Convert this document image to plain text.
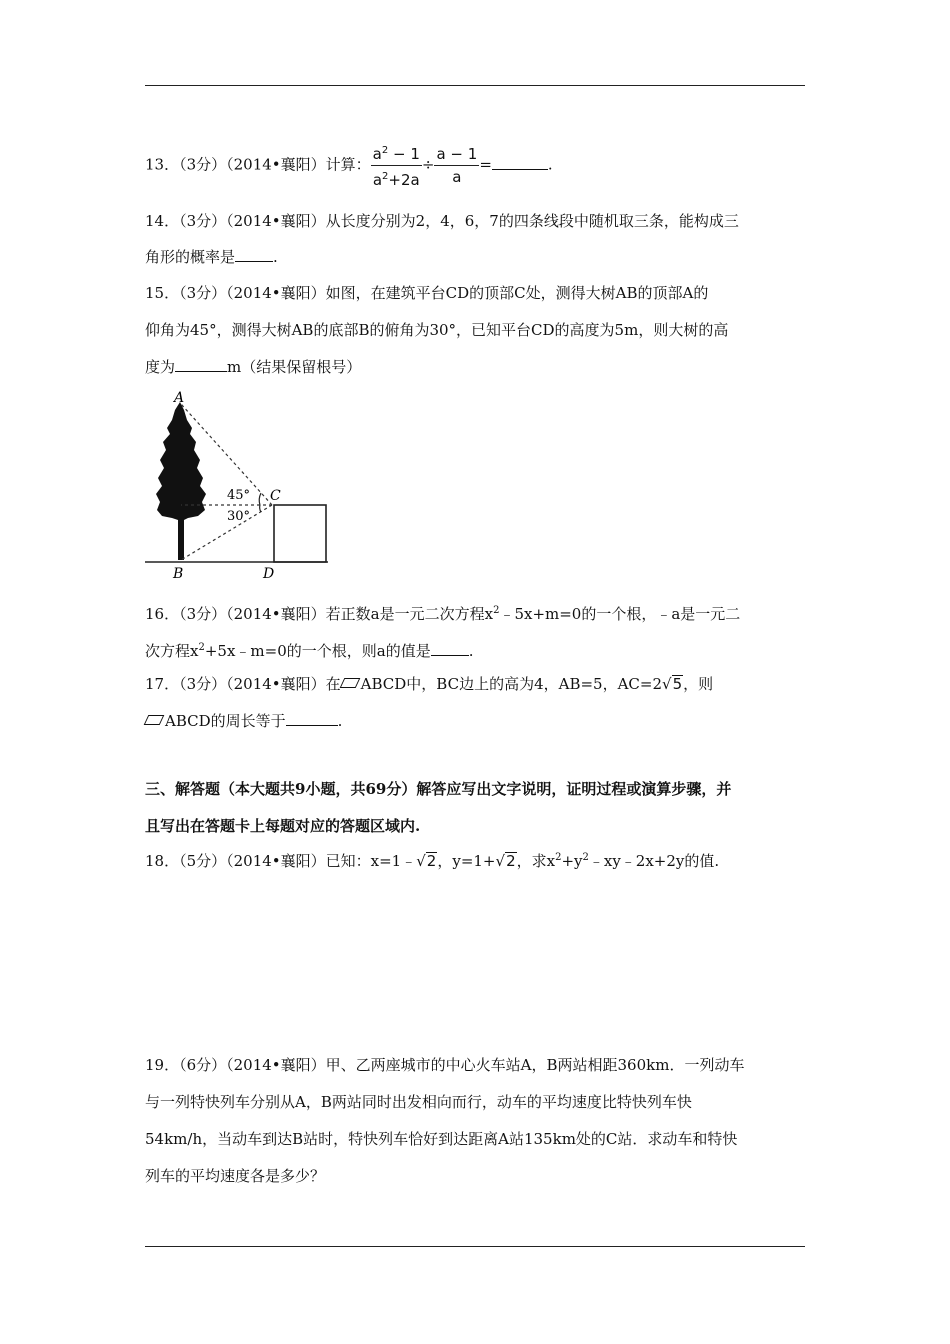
13．（3分）（2014•襄阳）计算： $\frac{a^2 - 1}{a^2+2a} \div \frac{a - 1}{a}$ =	.
14．（3分）（2014•襄阳）从长度分别为2，4，6，7的四条线段中随机取三条，能构成三
角形的概率是	.
15．（3分）（2014•襄阳）如图，在建筑平台CD的顶部C处，测得大树AB的顶部A的
仰角为45°，测得大树AB的底部B的俯角为30°，已知平台CD的高度为5m，则大树的高
度为	m（结果保留根号）
A
B
C
D
45°
30°
16．（3分）（2014•襄阳）若正数a是一元二次方程$x^2﹣5x+m=0$的一个根，﹣a是一元二
次方程$x^2+5x﹣m=0$的一个根，则a的值是	.
17．（3分）（2014•襄阳）在 ABCD中，BC边上的高为4，AB=5，AC=2√5，则
ABCD的周长等于	.
三、解答题（本大题共9小题，共69分）解答应写出文字说明，证明过程或演算步骤，并
且写出在答题卡上每题对应的答题区域内.
18．（5分）（2014•襄阳）已知：x=1﹣√2，y=1+√2，求$x^2+y^2﹣xy﹣2x+2y$的值.
19．（6分）（2014•襄阳）甲、乙两座城市的中心火车站A，B两站相距360km．一列动车
与一列特快列车分别从A，B两站同时出发相向而行，动车的平均速度比特快列车快
54km/h，当动车到达B站时，特快列车恰好到达距离A站135km处的C站．求动车和特快
列车的平均速度各是多少？
